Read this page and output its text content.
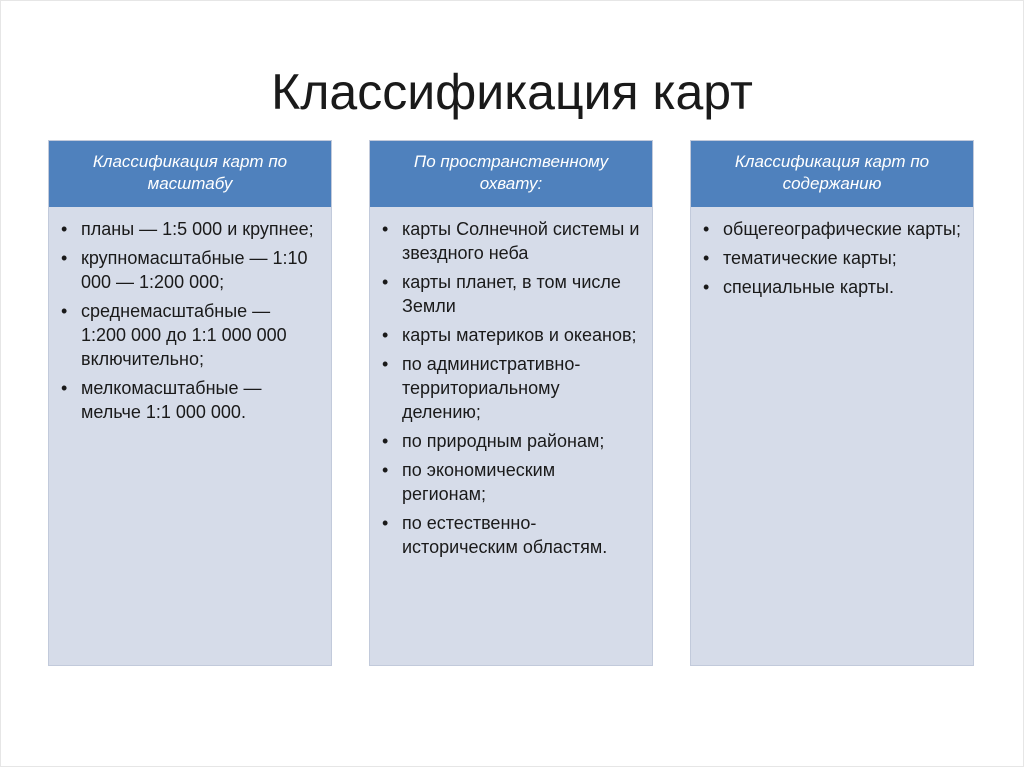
Классификация карт
Классификация карт по масштабу
• планы — 1:5 000 и крупнее;
• крупномасштабные — 1:10 000 — 1:200 000;
• среднемасштабные — 1:200 000 до 1:1 000 000 включительно;
• мелкомасштабные — мельче 1:1 000 000.
По пространственному охвату:
• карты Солнечной системы и звездного неба
• карты планет, в том числе Земли
• карты материков и океанов;
• по административно-территориальному делению;
• по природным районам;
• по экономическим регионам;
• по естественно-историческим областям.
Классификация карт по содержанию
• общегеографические карты;
• тематические карты;
• специальные карты.
